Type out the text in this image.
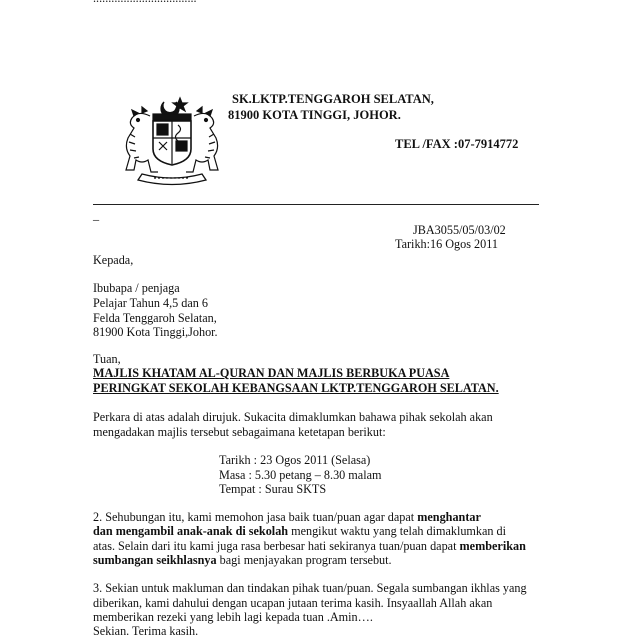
SK.LKTP.TENGGAROH SELATAN,
81900 KOTA TINGGI, JOHOR.
TEL /FAX :07-7914772
_
JBA3055/05/03/02
Tarikh:16 Ogos 2011
Kepada,
Ibubapa / penjaga
Pelajar Tahun 4,5 dan 6
Felda Tenggaroh Selatan,
81900 Kota Tinggi,Johor.
Tuan,
MAJLIS KHATAM AL-QURAN DAN MAJLIS BERBUKA PUASA
PERINGKAT SEKOLAH KEBANGSAAN LKTP.TENGGAROH SELATAN.
Perkara di atas adalah dirujuk. Sukacita dimaklumkan bahawa pihak sekolah akan
mengadakan majlis tersebut sebagaimana ketetapan berikut:
Tarikh : 23 Ogos 2011 (Selasa)
Masa : 5.30 petang – 8.30 malam
Tempat : Surau SKTS
2. Sehubungan itu, kami memohon jasa baik tuan/puan agar dapat menghantar
dan mengambil anak-anak di sekolah mengikut waktu yang telah dimaklumkan di
atas. Selain dari itu kami juga rasa berbesar hati sekiranya tuan/puan dapat memberikan
sumbangan seikhlasnya bagi menjayakan program tersebut.
3. Sekian untuk makluman dan tindakan pihak tuan/puan. Segala sumbangan ikhlas yang
diberikan, kami dahului dengan ucapan jutaan terima kasih. Insyaallah Allah akan
memberikan rezeki yang lebih lagi kepada tuan .Amin….
Sekian. Terima kasih.
